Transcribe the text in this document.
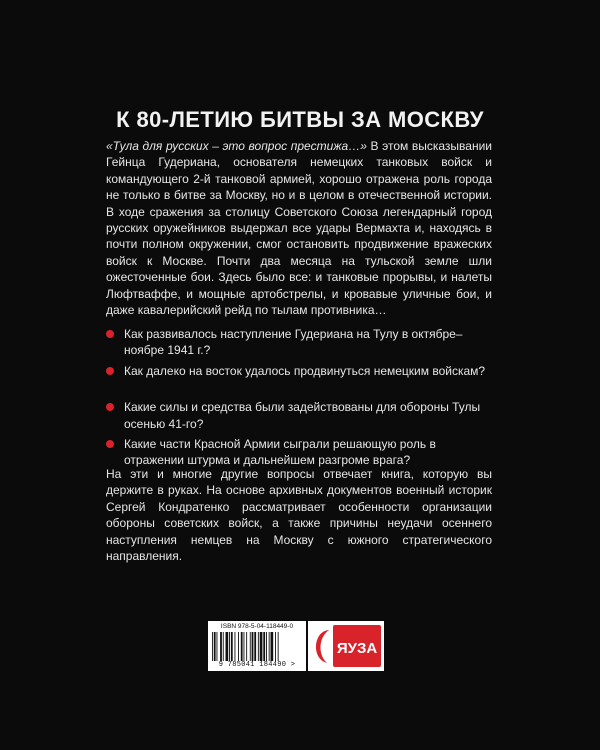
К 80-ЛЕТИЮ БИТВЫ ЗА МОСКВУ

«Тула для русских – это вопрос престижа…» В этом высказывании Гейнца Гудериана, основателя немецких танковых войск и командующего 2-й танковой армией, хорошо отражена роль города не только в битве за Москву, но и в целом в отечественной истории. В ходе сражения за столицу Советского Союза легендарный город русских оружейников выдержал все удары Вермахта и, находясь в почти полном окружении, смог остановить продвижение вражеских войск к Москве. Почти два месяца на тульской земле шли ожесточенные бои. Здесь было все: и танковые прорывы, и налеты Люфтваффе, и мощные артобстрелы, и кровавые уличные бои, и даже кавалерийский рейд по тылам противника…

Как развивалось наступление Гудериана на Тулу в октябре–ноябре 1941 г.?
Как далеко на восток удалось продвинуться немецким войскам?
Какие силы и средства были задействованы для обороны Тулы осенью 41-го?
Какие части Красной Армии сыграли решающую роль в отражении штурма и дальнейшем разгроме врага?

На эти и многие другие вопросы отвечает книга, которую вы держите в руках. На основе архивных документов военный историк Сергей Кондратенко рассматривает особенности организации обороны советских войск, а также причины неудачи осеннего наступления немцев на Москву с южного стратегического направления.

ISBN 978-5-04-118449-0
9 785041 184490 >
ЯУЗА
